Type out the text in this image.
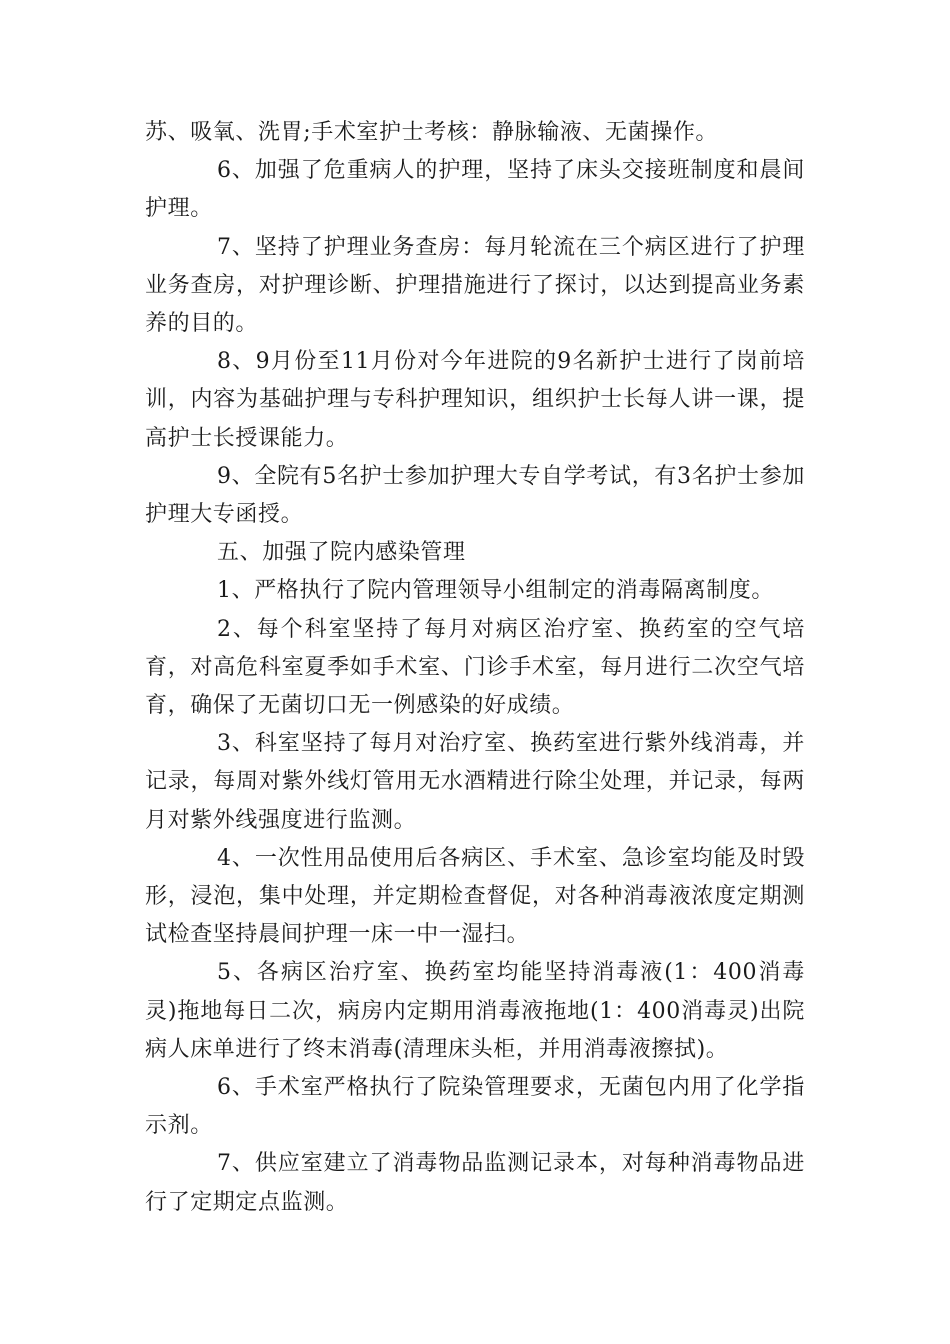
苏、吸氧、洗胃;手术室护士考核：静脉输液、无菌操作。

6、加强了危重病人的护理，坚持了床头交接班制度和晨间护理。

7、坚持了护理业务查房：每月轮流在三个病区进行了护理业务查房，对护理诊断、护理措施进行了探讨，以达到提高业务素养的目的。

8、9月份至11月份对今年进院的9名新护士进行了岗前培训，内容为基础护理与专科护理知识，组织护士长每人讲一课，提高护士长授课能力。

9、全院有5名护士参加护理大专自学考试，有3名护士参加护理大专函授。

五、加强了院内感染管理

1、严格执行了院内管理领导小组制定的消毒隔离制度。

2、每个科室坚持了每月对病区治疗室、换药室的空气培育，对高危科室夏季如手术室、门诊手术室，每月进行二次空气培育，确保了无菌切口无一例感染的好成绩。

3、科室坚持了每月对治疗室、换药室进行紫外线消毒，并记录，每周对紫外线灯管用无水酒精进行除尘处理，并记录，每两月对紫外线强度进行监测。

4、一次性用品使用后各病区、手术室、急诊室均能及时毁形，浸泡，集中处理，并定期检查督促，对各种消毒液浓度定期测试检查坚持晨间护理一床一中一湿扫。

5、各病区治疗室、换药室均能坚持消毒液(1：400消毒灵)拖地每日二次，病房内定期用消毒液拖地(1：400消毒灵)出院病人床单进行了终末消毒(清理床头柜，并用消毒液擦拭)。

6、手术室严格执行了院染管理要求，无菌包内用了化学指示剂。

7、供应室建立了消毒物品监测记录本，对每种消毒物品进行了定期定点监测。
